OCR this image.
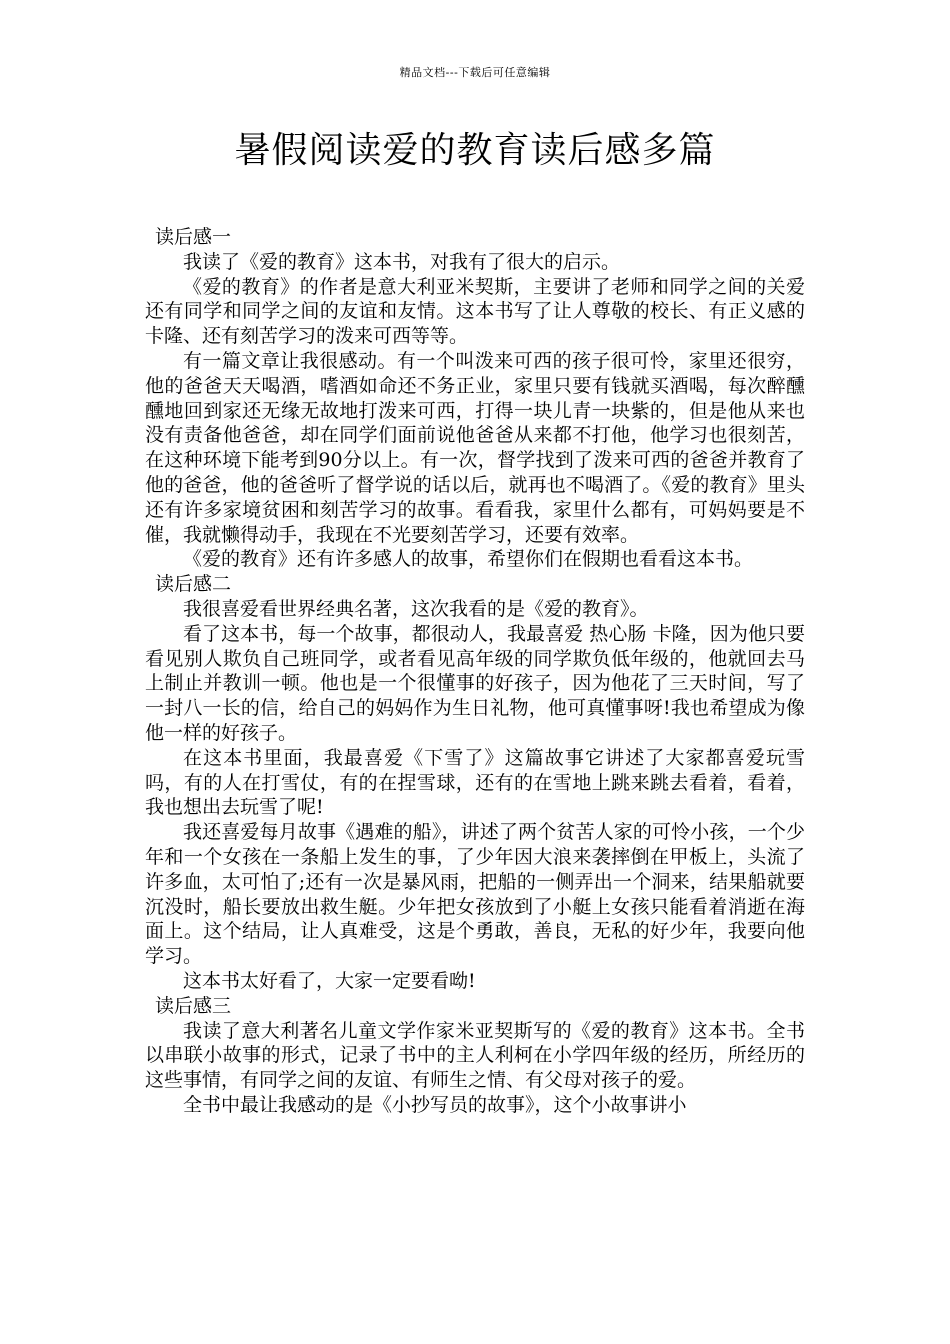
精品文档---下载后可任意编辑
暑假阅读爱的教育读后感多篇
读后感一
我读了《爱的教育》这本书，对我有了很大的启示。
《爱的教育》的作者是意大利亚米契斯，主要讲了老师和同学之间的关爱还有同学和同学之间的友谊和友情。这本书写了让人尊敬的校长、有正义感的卡隆、还有刻苦学习的泼来可西等等。
有一篇文章让我很感动。有一个叫泼来可西的孩子很可怜，家里还很穷，他的爸爸天天喝酒，嗜酒如命还不务正业，家里只要有钱就买酒喝，每次醉醺醺地回到家还无缘无故地打泼来可西，打得一块儿青一块紫的，但是他从来也没有责备他爸爸，却在同学们面前说他爸爸从来都不打他，他学习也很刻苦，在这种环境下能考到90分以上。有一次，督学找到了泼来可西的爸爸并教育了他的爸爸，他的爸爸听了督学说的话以后，就再也不喝酒了。《爱的教育》里头还有许多家境贫困和刻苦学习的故事。看看我，家里什么都有，可妈妈要是不催，我就懒得动手，我现在不光要刻苦学习，还要有效率。
《爱的教育》还有许多感人的故事，希望你们在假期也看看这本书。
读后感二
我很喜爱看世界经典名著，这次我看的是《爱的教育》。
看了这本书，每一个故事，都很动人，我最喜爱 热心肠 卡隆，因为他只要看见别人欺负自己班同学，或者看见高年级的同学欺负低年级的，他就回去马上制止并教训一顿。他也是一个很懂事的好孩子，因为他花了三天时间，写了一封八一长的信，给自己的妈妈作为生日礼物，他可真懂事呀!我也希望成为像他一样的好孩子。
在这本书里面，我最喜爱《下雪了》这篇故事它讲述了大家都喜爱玩雪吗，有的人在打雪仗，有的在捏雪球，还有的在雪地上跳来跳去看着，看着，我也想出去玩雪了呢!
我还喜爱每月故事《遇难的船》，讲述了两个贫苦人家的可怜小孩，一个少年和一个女孩在一条船上发生的事，了少年因大浪来袭摔倒在甲板上，头流了许多血，太可怕了;还有一次是暴风雨，把船的一侧弄出一个洞来，结果船就要沉没时，船长要放出救生艇。少年把女孩放到了小艇上女孩只能看着消逝在海面上。这个结局，让人真难受，这是个勇敢，善良，无私的好少年，我要向他学习。
这本书太好看了，大家一定要看呦!
读后感三
我读了意大利著名儿童文学作家米亚契斯写的《爱的教育》这本书。全书以串联小故事的形式，记录了书中的主人利柯在小学四年级的经历，所经历的这些事情，有同学之间的友谊、有师生之情、有父母对孩子的爱。
全书中最让我感动的是《小抄写员的故事》，这个小故事讲小
